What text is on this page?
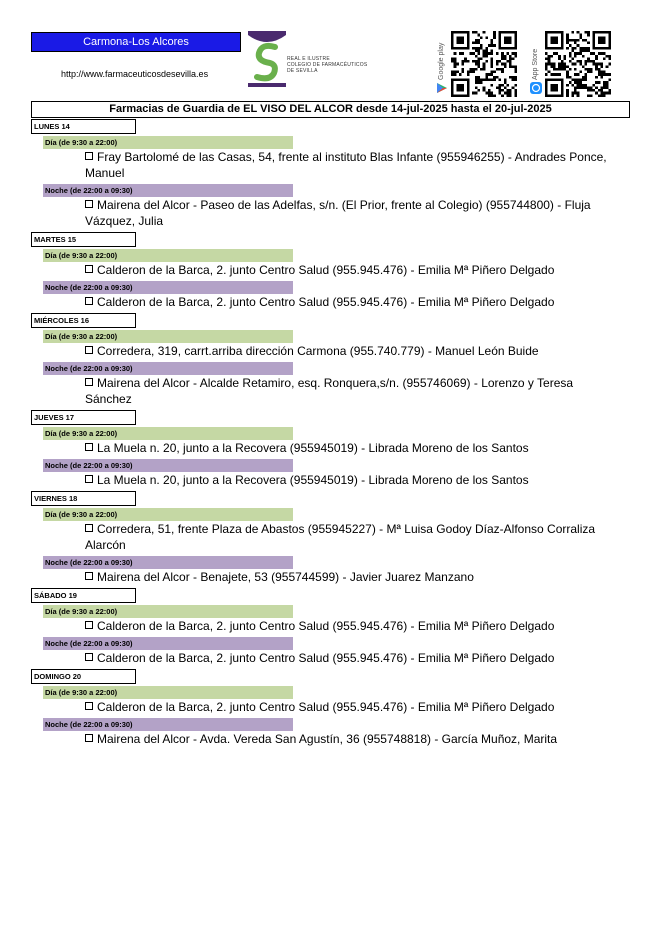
Carmona-Los Alcores
http://www.farmaceuticosdesevilla.es
REAL E ILUSTRE
COLEGIO DE FARMACÉUTICOS
DE SEVILLA	Google play	App Store
Farmacias de Guardia de EL VISO DEL ALCOR desde 14-jul-2025 hasta el 20-jul-2025
LUNES 14
Día (de 9:30 a 22:00)
Fray Bartolomé de las Casas, 54, frente al instituto Blas Infante (955946255) - Andrades Ponce, Manuel
Noche (de 22:00 a 09:30)
Mairena del Alcor - Paseo de las Adelfas, s/n. (El Prior, frente al Colegio) (955744800) - Fluja Vázquez, Julia
MARTES 15
Día (de 9:30 a 22:00)
Calderon de la Barca, 2. junto Centro Salud (955.945.476) - Emilia Mª Piñero Delgado
Noche (de 22:00 a 09:30)
Calderon de la Barca, 2. junto Centro Salud (955.945.476) - Emilia Mª Piñero Delgado
MIÉRCOLES 16
Día (de 9:30 a 22:00)
Corredera, 319, carrt.arriba dirección Carmona (955.740.779) - Manuel León Buide
Noche (de 22:00 a 09:30)
Mairena del Alcor - Alcalde Retamiro, esq. Ronquera,s/n. (955746069) - Lorenzo y Teresa Sánchez
JUEVES 17
Día (de 9:30 a 22:00)
La Muela n. 20, junto a la Recovera (955945019) - Librada Moreno de los Santos
Noche (de 22:00 a 09:30)
La Muela n. 20, junto a la Recovera (955945019) - Librada Moreno de los Santos
VIERNES 18
Día (de 9:30 a 22:00)
Corredera, 51, frente Plaza de Abastos (955945227) - Mª Luisa Godoy Díaz-Alfonso Corraliza Alarcón
Noche (de 22:00 a 09:30)
Mairena del Alcor - Benajete, 53 (955744599) - Javier Juarez Manzano
SÁBADO 19
Día (de 9:30 a 22:00)
Calderon de la Barca, 2. junto Centro Salud (955.945.476) - Emilia Mª Piñero Delgado
Noche (de 22:00 a 09:30)
Calderon de la Barca, 2. junto Centro Salud (955.945.476) - Emilia Mª Piñero Delgado
DOMINGO 20
Día (de 9:30 a 22:00)
Calderon de la Barca, 2. junto Centro Salud (955.945.476) - Emilia Mª Piñero Delgado
Noche (de 22:00 a 09:30)
Mairena del Alcor - Avda. Vereda San Agustín, 36 (955748818) - García Muñoz, Marita
